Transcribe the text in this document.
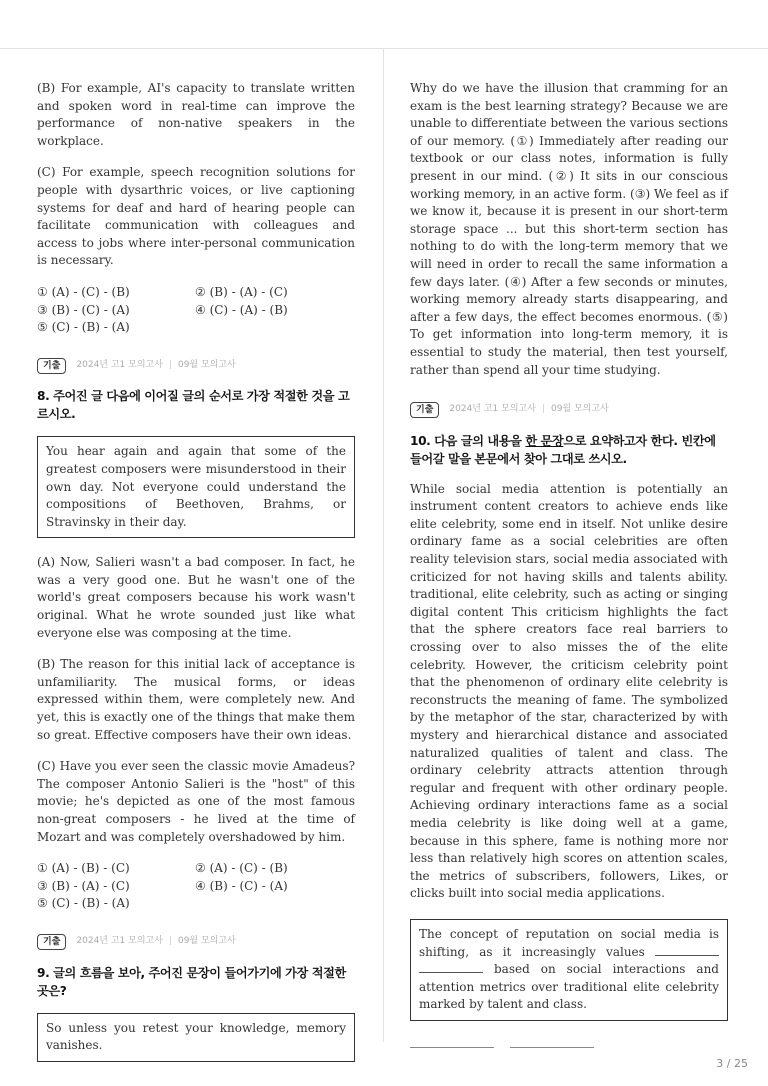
(B) For example, AI's capacity to translate written and spoken word in real-time can improve the performance of non-native speakers in the workplace.

(C) For example, speech recognition solutions for people with dysarthric voices, or live captioning systems for deaf and hard of hearing people can facilitate communication with colleagues and access to jobs where inter-personal communication is necessary.

① (A) - (C) - (B)	② (B) - (A) - (C)
③ (B) - (C) - (A)	④ (C) - (A) - (B)
⑤ (C) - (B) - (A)
기출	2024년 고1 모의고사 | 09월 모의고사
8. 주어진 글 다음에 이어질 글의 순서로 가장 적절한 것을 고르시오.

You hear again and again that some of the greatest composers were misunderstood in their own day. Not everyone could understand the compositions of Beethoven, Brahms, or Stravinsky in their day.

(A) Now, Salieri wasn't a bad composer. In fact, he was a very good one. But he wasn't one of the world's great composers because his work wasn't original. What he wrote sounded just like what everyone else was composing at the time.

(B) The reason for this initial lack of acceptance is unfamiliarity. The musical forms, or ideas expressed within them, were completely new. And yet, this is exactly one of the things that make them so great. Effective composers have their own ideas.

(C) Have you ever seen the classic movie Amadeus? The composer Antonio Salieri is the "host" of this movie; he's depicted as one of the most famous non-great composers - he lived at the time of Mozart and was completely overshadowed by him.

① (A) - (B) - (C)	② (A) - (C) - (B)
③ (B) - (A) - (C)	④ (B) - (C) - (A)
⑤ (C) - (B) - (A)
기출	2024년 고1 모의고사 | 09월 모의고사
9. 글의 흐름을 보아, 주어진 문장이 들어가기에 가장 적절한 곳은?

So unless you retest your knowledge, memory vanishes.

Why do we have the illusion that cramming for an exam is the best learning strategy? Because we are unable to differentiate between the various sections of our memory. (①) Immediately after reading our textbook or our class notes, information is fully present in our mind. (②) It sits in our conscious working memory, in an active form. (③) We feel as if we know it, because it is present in our short-term storage space ... but this short-term section has nothing to do with the long-term memory that we will need in order to recall the same information a few days later. (④) After a few seconds or minutes, working memory already starts disappearing, and after a few days, the effect becomes enormous. (⑤) To get information into long-term memory, it is essential to study the material, then test yourself, rather than spend all your time studying.

기출	2024년 고1 모의고사 | 09월 모의고사
10. 다음 글의 내용을 한 문장으로 요약하고자 한다. 빈칸에 들어갈 말을 본문에서 찾아 그대로 쓰시오.

While social media attention is potentially an instrument content creators to achieve ends like elite celebrity, some end in itself. Not unlike desire ordinary fame as a social celebrities are often reality television stars, social media associated with criticized for not having skills and talents ability. traditional, elite celebrity, such as acting or singing digital content This criticism highlights the fact that the sphere creators face real barriers to crossing over to also misses the of the elite celebrity. However, the criticism celebrity point that the phenomenon of ordinary elite celebrity is reconstructs the meaning of fame. The symbolized by the metaphor of the star, characterized by with mystery and hierarchical distance and associated naturalized qualities of talent and class. The ordinary celebrity attracts attention through regular and frequent with other ordinary people. Achieving ordinary interactions fame as a social media celebrity is like doing well at a game, because in this sphere, fame is nothing more nor less than relatively high scores on attention scales, the metrics of subscribers, followers, Likes, or clicks built into social media applications.

The concept of reputation on social media is shifting, as it increasingly values   based on social interactions and attention metrics over traditional elite celebrity marked by talent and class.

3 / 25
